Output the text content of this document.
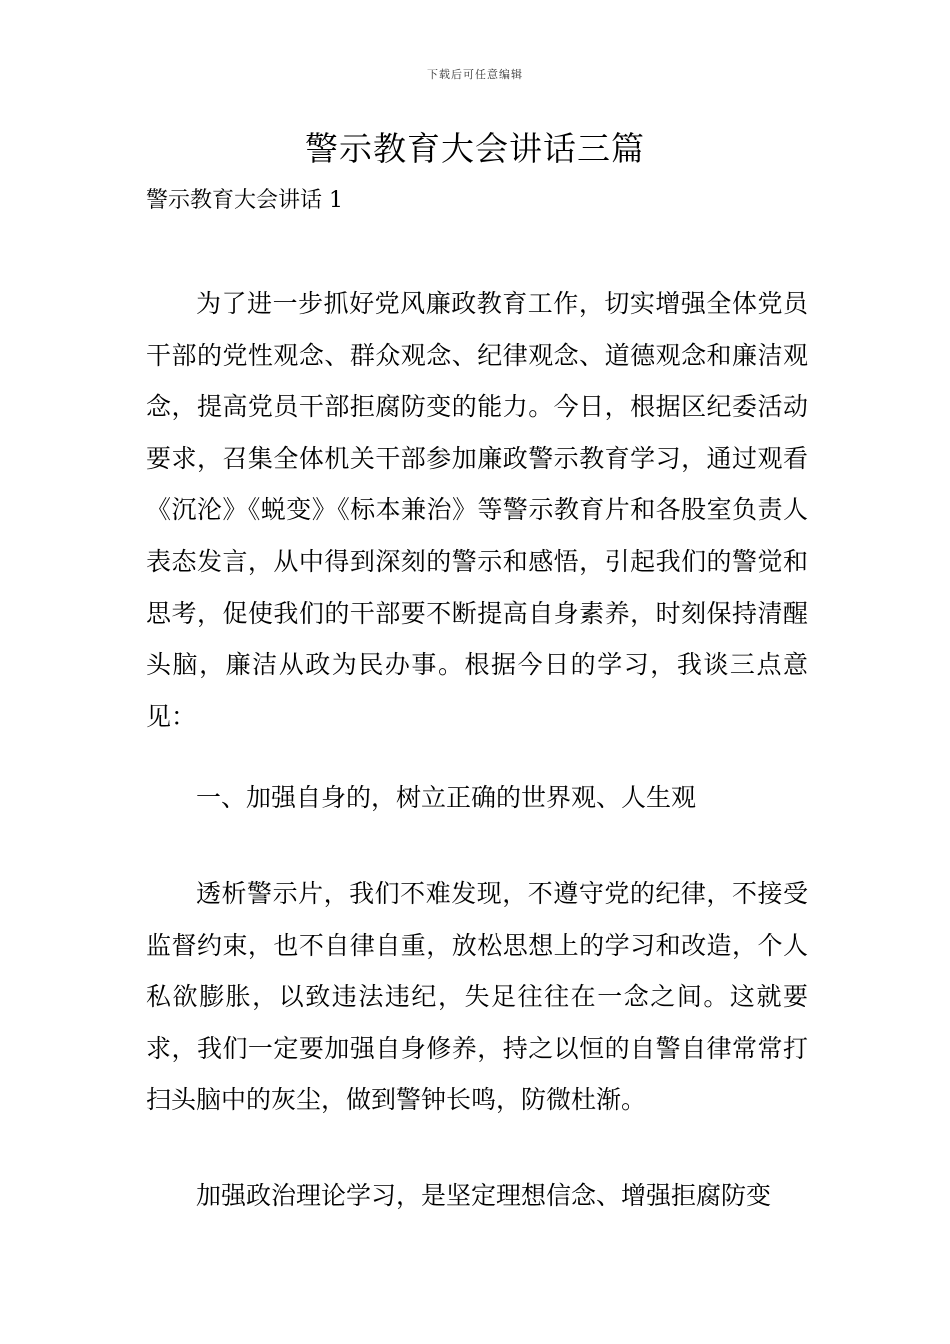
下载后可任意编辑
警示教育大会讲话三篇
警示教育大会讲话 1

为了进一步抓好党风廉政教育工作，切实增强全体党员干部的党性观念、群众观念、纪律观念、道德观念和廉洁观念，提高党员干部拒腐防变的能力。今日，根据区纪委活动要求，召集全体机关干部参加廉政警示教育学习，通过观看《沉沦》《蜕变》《标本兼治》等警示教育片和各股室负责人表态发言，从中得到深刻的警示和感悟，引起我们的警觉和思考，促使我们的干部要不断提高自身素养，时刻保持清醒头脑，廉洁从政为民办事。根据今日的学习，我谈三点意见：

一、加强自身的，树立正确的世界观、人生观

透析警示片，我们不难发现，不遵守党的纪律，不接受监督约束，也不自律自重，放松思想上的学习和改造，个人私欲膨胀，以致违法违纪，失足往往在一念之间。这就要求，我们一定要加强自身修养，持之以恒的自警自律常常打扫头脑中的灰尘，做到警钟长鸣，防微杜渐。

加强政治理论学习，是坚定理想信念、增强拒腐防变
